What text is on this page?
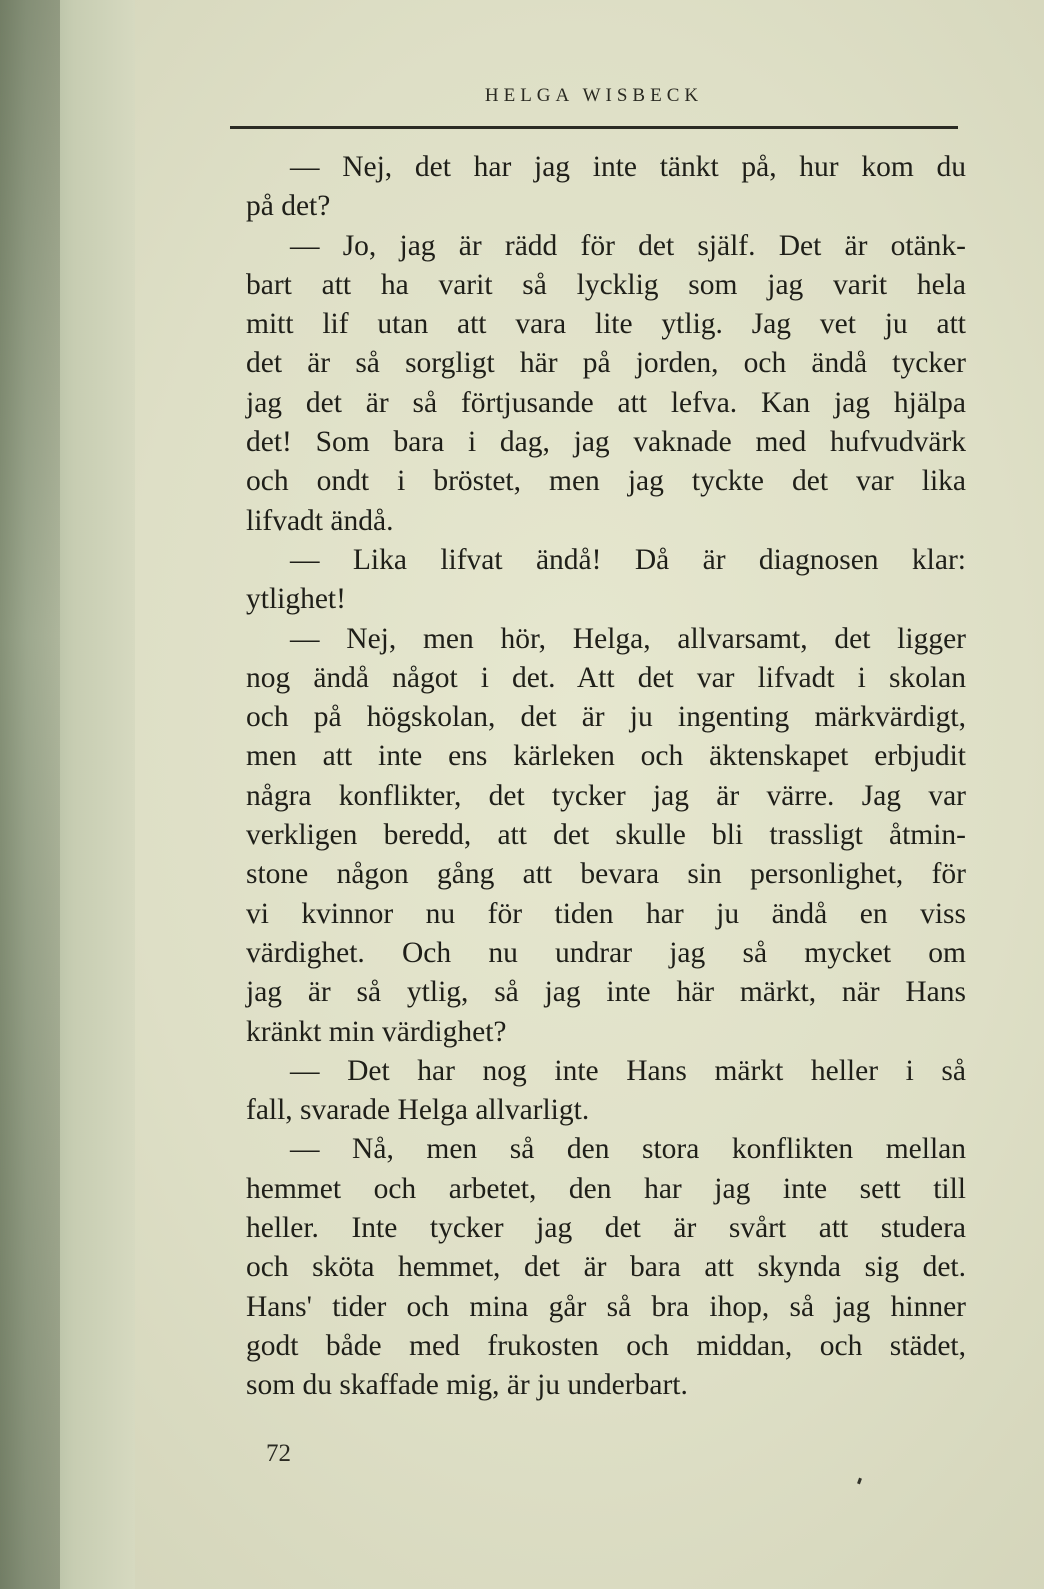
HELGA WISBECK
— Nej, det har jag inte tänkt på, hur kom du
på det?
— Jo, jag är rädd för det själf. Det är otänk-
bart att ha varit så lycklig som jag varit hela
mitt lif utan att vara lite ytlig. Jag vet ju att
det är så sorgligt här på jorden, och ändå tycker
jag det är så förtjusande att lefva. Kan jag hjälpa
det! Som bara i dag, jag vaknade med hufvudvärk
och ondt i bröstet, men jag tyckte det var lika
lifvadt ändå.
— Lika lifvat ändå! Då är diagnosen klar:
ytlighet!
— Nej, men hör, Helga, allvarsamt, det ligger
nog ändå något i det. Att det var lifvadt i skolan
och på högskolan, det är ju ingenting märkvärdigt,
men att inte ens kärleken och äktenskapet erbjudit
några konflikter, det tycker jag är värre. Jag var
verkligen beredd, att det skulle bli trassligt åtmin-
stone någon gång att bevara sin personlighet, för
vi kvinnor nu för tiden har ju ändå en viss
värdighet. Och nu undrar jag så mycket om
jag är så ytlig, så jag inte här märkt, när Hans
kränkt min värdighet?
— Det har nog inte Hans märkt heller i så
fall, svarade Helga allvarligt.
— Nå, men så den stora konflikten mellan
hemmet och arbetet, den har jag inte sett till
heller. Inte tycker jag det är svårt att studera
och sköta hemmet, det är bara att skynda sig det.
Hans' tider och mina går så bra ihop, så jag hinner
godt både med frukosten och middan, och städet,
som du skaffade mig, är ju underbart.
72
